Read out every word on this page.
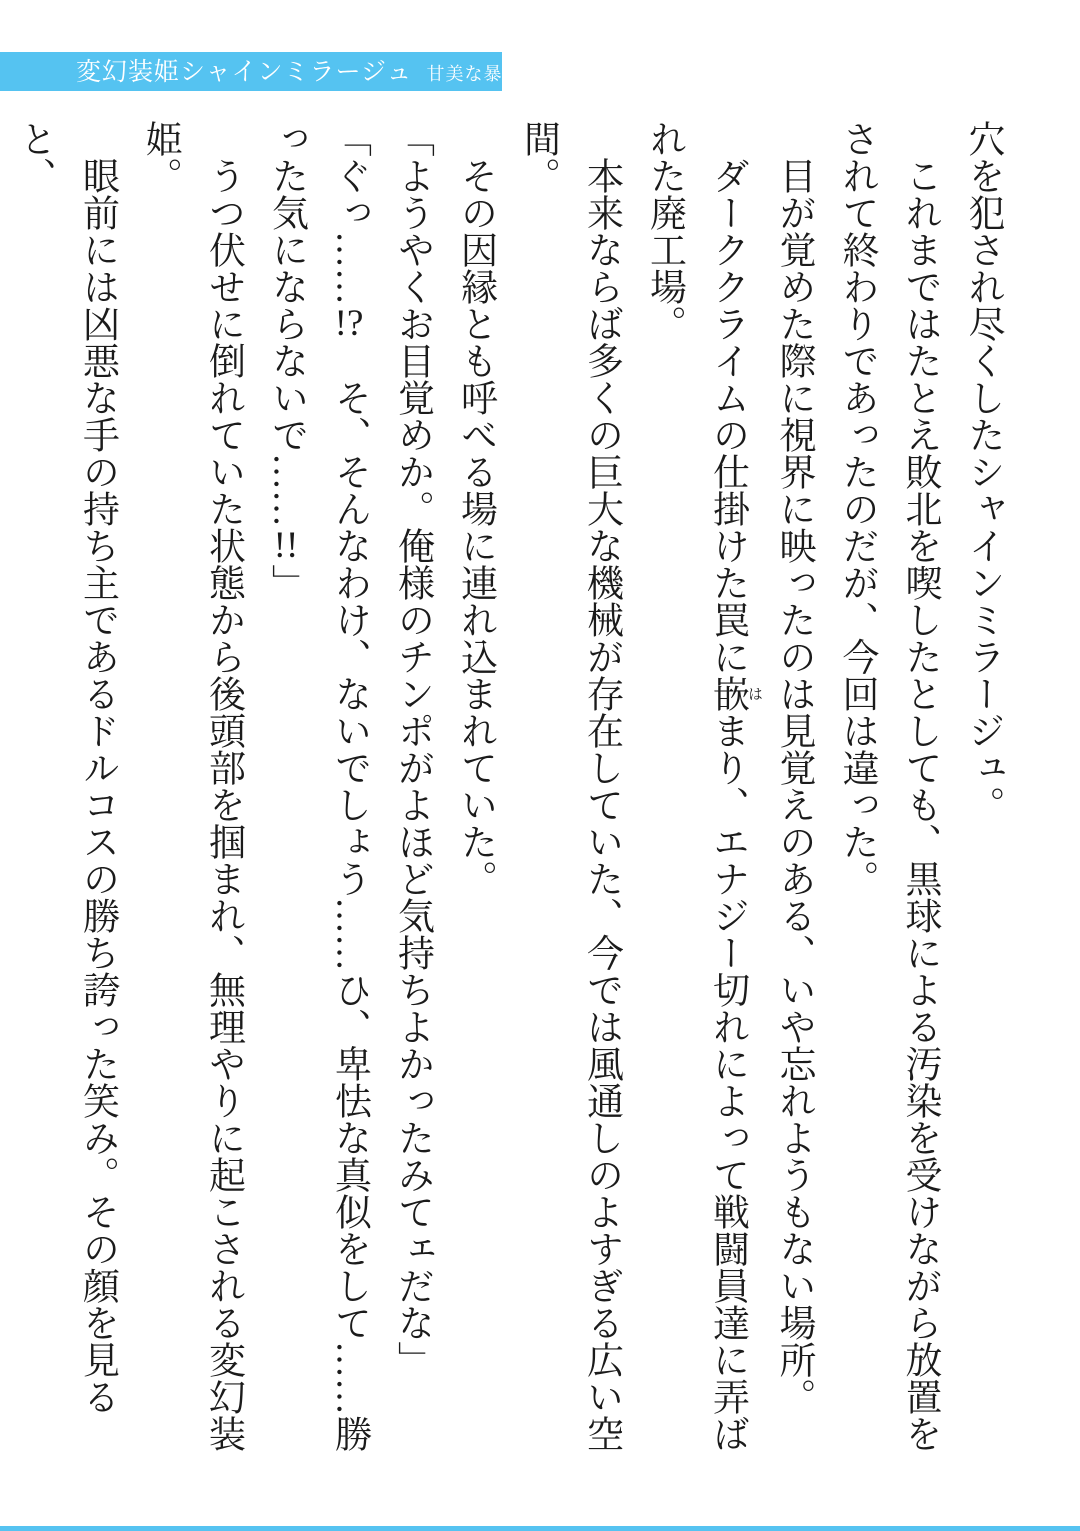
変幻装姫シャインミラージュ 甘美な暴力に堕ちる正義

穴を犯され尽くしたシャインミラージュ。

これまではたとえ敗北を喫したとしても、黒球による汚染を受けながら放置をされて終わりであったのだが、今回は違った。

目が覚めた際に視界に映ったのは見覚えのある、いや忘れようもない場所。

ダーククライムの仕掛けた罠に嵌はまり、エナジー切れによって戦闘員達に弄ばれた廃工場。

本来ならば多くの巨大な機械が存在していた、今では風通しのよすぎる広い空間。

その因縁とも呼べる場に連れ込まれていた。

「ようやくお目覚めか。俺様のチンポがよほど気持ちよかったみてェだな」

「ぐっ……!?　そ、そんなわけ、ないでしょう……ひ、卑怯な真似をして……勝った気にならないで……!!」

うつ伏せに倒れていた状態から後頭部を掴まれ、無理やりに起こされる変幻装姫。

眼前には凶悪な手の持ち主であるドルコスの勝ち誇った笑み。その顔を見ると、
